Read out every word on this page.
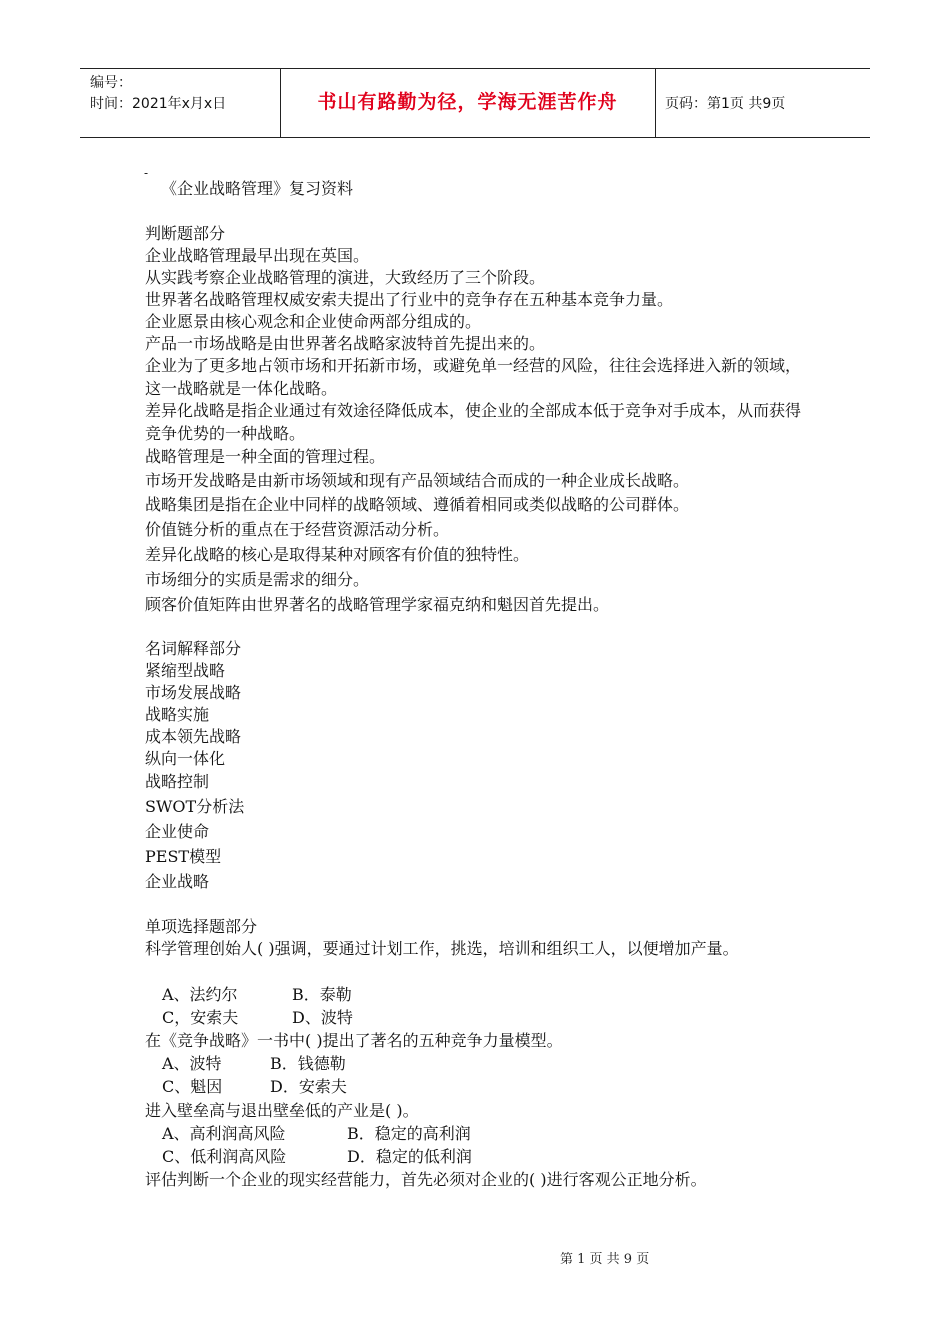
编号：
时间：2021年x月x日	书山有路勤为径，学海无涯苦作舟	页码：第1页 共9页
-
《企业战略管理》复习资料
判断题部分
企业战略管理最早出现在英国。
从实践考察企业战略管理的演进，大致经历了三个阶段。
世界著名战略管理权威安索夫提出了行业中的竞争存在五种基本竞争力量。
企业愿景由核心观念和企业使命两部分组成的。
产品一市场战略是由世界著名战略家波特首先提出来的。
企业为了更多地占领市场和开拓新市场，或避免单一经营的风险，往往会选择进入新的领域，这一战略就是一体化战略。
差异化战略是指企业通过有效途径降低成本，使企业的全部成本低于竞争对手成本，从而获得竞争优势的一种战略。
战略管理是一种全面的管理过程。
市场开发战略是由新市场领域和现有产品领域结合而成的一种企业成长战略。
战略集团是指在企业中同样的战略领域、遵循着相同或类似战略的公司群体。
价值链分析的重点在于经营资源活动分析。
差异化战略的核心是取得某种对顾客有价值的独特性。
市场细分的实质是需求的细分。
顾客价值矩阵由世界著名的战略管理学家福克纳和魁因首先提出。
名词解释部分
紧缩型战略
市场发展战略
战略实施
成本领先战略
纵向一体化
战略控制
SWOT分析法
企业使命
PEST模型
企业战略
单项选择题部分
科学管理创始人( )强调，要通过计划工作，挑选，培训和组织工人，以便增加产量。
A、法约尔	B．泰勒
C，安索夫	D、波特
在《竞争战略》一书中( )提出了著名的五种竞争力量模型。
A、波特	B．钱德勒
C、魁因	D．安索夫
进入壁垒高与退出壁垒低的产业是( )。
A、高利润高风险	B．稳定的高利润
C、低利润高风险	D．稳定的低利润
评估判断一个企业的现实经营能力，首先必须对企业的( )进行客观公正地分析。
第 1 页 共 9 页
